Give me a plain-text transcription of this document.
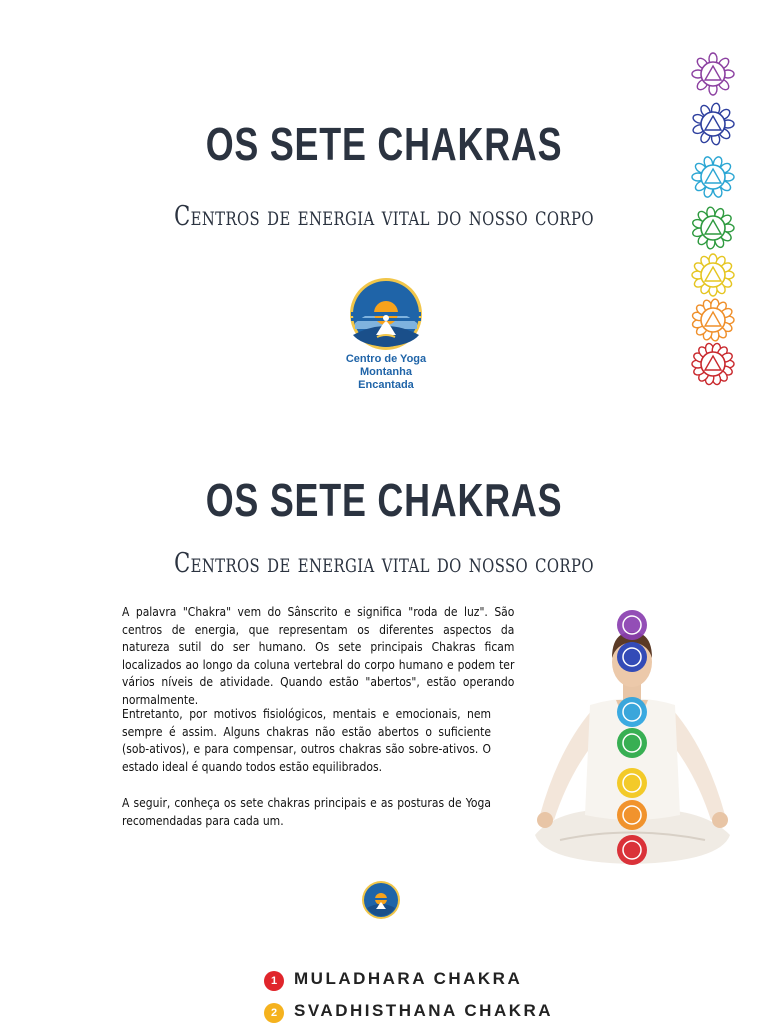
OS SETE CHAKRAS
Centros de energia vital do nosso corpo
Centro de Yoga
Montanha Encantada
OS SETE CHAKRAS
Centros de energia vital do nosso corpo
A palavra "Chakra" vem do Sânscrito e significa "roda de luz". São centros de energia, que representam os diferentes aspectos da natureza sutil do ser humano. Os sete principais Chakras ficam localizados ao longo da coluna vertebral do corpo humano e podem ter vários níveis de atividade. Quando estão "abertos", estão operando normalmente.
Entretanto, por motivos fisiológicos, mentais e emocionais, nem sempre é assim. Alguns chakras não estão abertos o suficiente (sob-ativos), e para compensar, outros chakras são sobre-ativos. O estado ideal é quando todos estão equilibrados.
A seguir, conheça os sete chakras principais e as posturas de Yoga recomendadas para cada um.
1 MULADHARA CHAKRA
2 SVADHISTHANA CHAKRA
